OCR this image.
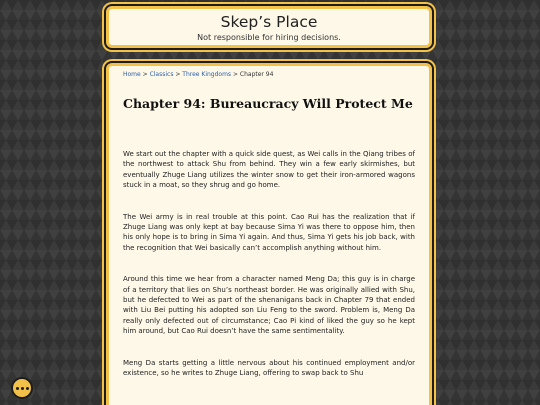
Skep’s Place
Not responsible for hiring decisions.
Home > Classics > Three Kingdoms > Chapter 94
Chapter 94: Bureaucracy Will Protect Me

We start out the chapter with a quick side quest, as Wei calls in the Qiang tribes of the northwest to attack Shu from behind. They win a few early skirmishes, but eventually Zhuge Liang utilizes the winter snow to get their iron-armored wagons stuck in a moat, so they shrug and go home.

The Wei army is in real trouble at this point. Cao Rui has the realization that if Zhuge Liang was only kept at bay because Sima Yi was there to oppose him, then his only hope is to bring in Sima Yi again. And thus, Sima Yi gets his job back, with the recognition that Wei basically can’t accomplish anything without him.

Around this time we hear from a character named Meng Da; this guy is in charge of a territory that lies on Shu’s northeast border. He was originally allied with Shu, but he defected to Wei as part of the shenanigans back in Chapter 79 that ended with Liu Bei putting his adopted son Liu Feng to the sword. Problem is, Meng Da really only defected out of circumstance; Cao Pi kind of liked the guy so he kept him around, but Cao Rui doesn’t have the same sentimentality.

Meng Da starts getting a little nervous about his continued employment and/or existence, so he writes to Zhuge Liang, offering to swap back to Shu
